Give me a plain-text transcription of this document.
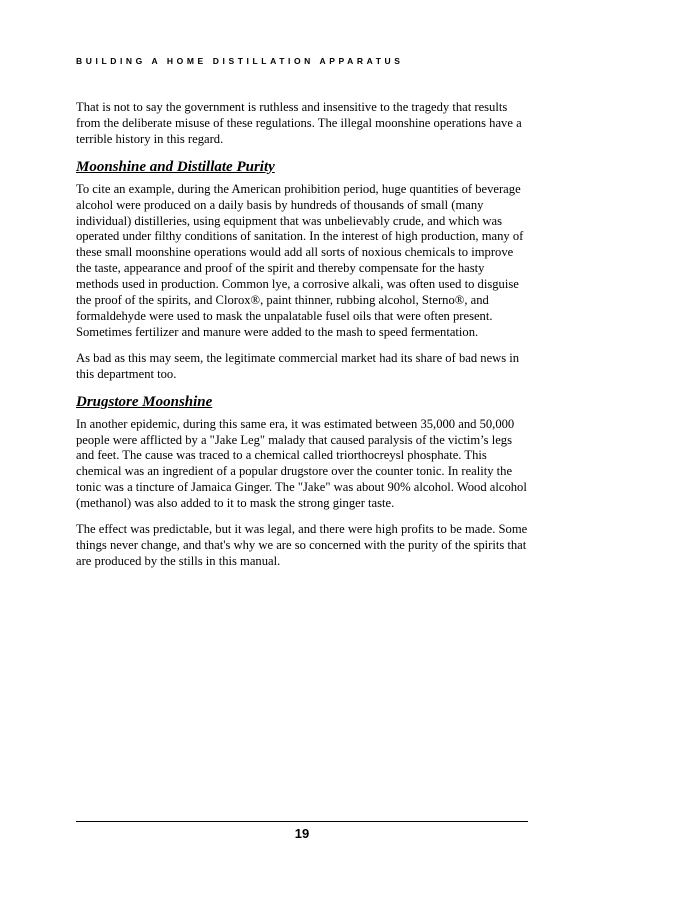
BUILDING A HOME DISTILLATION APPARATUS

That is not to say the government is ruthless and insensitive to the tragedy that results from the deliberate misuse of these regulations. The illegal moonshine operations have a terrible history in this regard.

Moonshine and Distillate Purity

To cite an example, during the American prohibition period, huge quantities of beverage alcohol were produced on a daily basis by hundreds of thousands of small (many individual) distilleries, using equipment that was unbelievably crude, and which was operated under filthy conditions of sanitation. In the interest of high production, many of these small moonshine operations would add all sorts of noxious chemicals to improve the taste, appearance and proof of the spirit and thereby compensate for the hasty methods used in production. Common lye, a corrosive alkali, was often used to disguise the proof of the spirits, and Clorox®, paint thinner, rubbing alcohol, Sterno®, and formaldehyde were used to mask the unpalatable fusel oils that were often present. Sometimes fertilizer and manure were added to the mash to speed fermentation.

As bad as this may seem, the legitimate commercial market had its share of bad news in this department too.

Drugstore Moonshine

In another epidemic, during this same era, it was estimated between 35,000 and 50,000 people were afflicted by a "Jake Leg" malady that caused paralysis of the victim’s legs and feet. The cause was traced to a chemical called triorthocreysl phosphate. This chemical was an ingredient of a popular drugstore over the counter tonic. In reality the tonic was a tincture of Jamaica Ginger. The "Jake" was about 90% alcohol. Wood alcohol (methanol) was also added to it to mask the strong ginger taste.

The effect was predictable, but it was legal, and there were high profits to be made. Some things never change, and that's why we are so concerned with the purity of the spirits that are produced by the stills in this manual.

19
